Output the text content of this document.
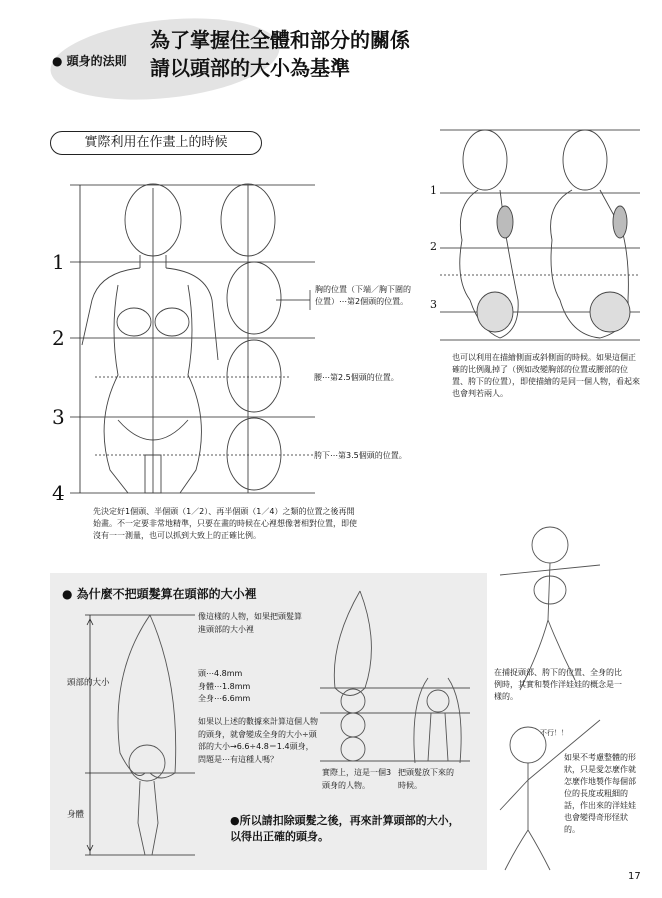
● 頭身的法則
為了掌握住全體和部分的關係
請以頭部的大小為基準
實際利用在作畫上的時候
1
2
3
4
胸的位置（下端／胸下圍的位置）⋯第2個頭的位置。
腰⋯第2.5個頭的位置。
胯下⋯第3.5個頭的位置。
先決定好1個頭、半個頭（1／2）、再半個頭（1／4）之類的位置之後再開始畫。不一定要非常地精準，只要在畫的時候在心裡想像著相對位置，即使沒有一一測量，也可以抓到大致上的正確比例。
1
2
3
也可以利用在描繪側面或斜側面的時候。如果這個正確的比例亂掉了（例如改變胸部的位置或腰部的位置、胯下的位置），即使描繪的是同一個人物，看起來也會判若兩人。
● 為什麼不把頭髮算在頭部的大小裡
頭部的大小
身體
像這樣的人物，如果把頭髮算進頭部的大小裡
頭⋯4.8mm
身體⋯1.8mm
全身⋯6.6mm
如果以上述的數據來計算這個人物的頭身，就會變成全身的大小÷頭部的大小→6.6÷4.8＝1.4頭身，問題是⋯有這種人嗎？
實際上，這是一個3頭身的人物。
把頭髮放下來的時候。
●所以請扣除頭髮之後，再來計算頭部的大小，以得出正確的頭身。
在捕捉頭部、胯下的位置、全身的比例時，其實和製作洋娃娃的概念是一樣的。
不行！！
如果不考慮整體的形狀，只是愛怎麼作就怎麼作地製作每個部位的長度或粗細的話，作出來的洋娃娃也會變得奇形怪狀的。
17
